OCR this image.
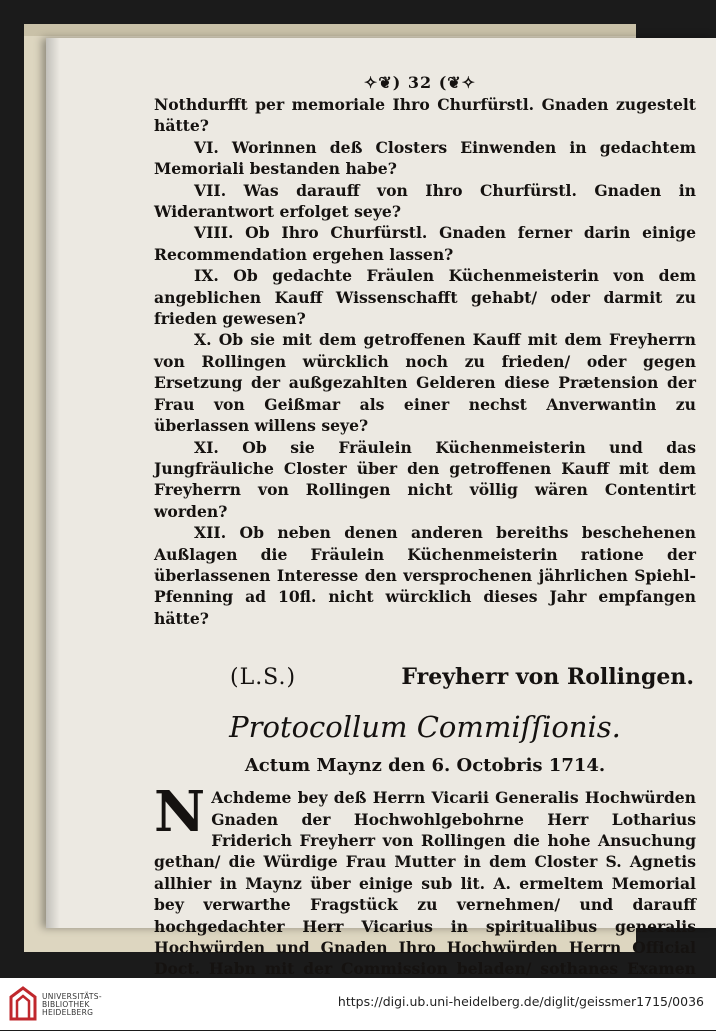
✧❦) 32 (❦✧
Nothdurfft per memoriale Ihro Churfürstl. Gnaden zugestelt hätte?
VI. Worinnen deß Closters Einwenden in gedachtem Memoriali bestanden habe?
VII. Was darauff von Ihro Churfürstl. Gnaden in Widerantwort erfolget seye?
VIII. Ob Ihro Churfürstl. Gnaden ferner darin einige Recommendation ergehen lassen?
IX. Ob gedachte Fräulen Küchenmeisterin von dem angeblichen Kauff Wissenschafft gehabt/ oder darmit zu frieden gewesen?
X. Ob sie mit dem getroffenen Kauff mit dem Freyherrn von Rollingen würcklich noch zu frieden/ oder gegen Ersetzung der außgezahlten Gelderen diese Prætension der Frau von Geißmar als einer nechst Anverwantin zu überlassen willens seye?
XI. Ob sie Fräulein Küchenmeisterin und das Jungfräuliche Closter über den getroffenen Kauff mit dem Freyherrn von Rollingen nicht völlig wären Contentirt worden?
XII. Ob neben denen anderen bereiths beschehenen Außlagen die Fräulein Küchenmeisterin ratione der überlassenen Interesse den versprochenen jährlichen Spiehl-Pfenning ad 10fl. nicht würcklich dieses Jahr empfangen hätte?
(L.S.)	Freyherr von Rollingen.
Protocollum Commiſſionis.
Actum Maynz den 6. Octobris 1714.
N Achdeme bey deß Herrn Vicarii Generalis Hochwürden Gnaden der Hochwohlgebohrne Herr Lotharius Friderich Freyherr von Rollingen die hohe Ansuchung gethan/ die Würdige Frau Mutter in dem Closter S. Agnetis allhier in Maynz über einige sub lit. A. ermeltem Memorial bey verwarthe Fragstück zu vernehmen/ und darauff hochgedachter Herr Vicarius in spiritualibus generalis Hochwürden und Gnaden Ihro Hochwürden Herrn Official Doct. Habn mit der Commission beladen/ sothanes Examen
UNIVERSITÄTS-
BIBLIOTHEK
HEIDELBERG
https://digi.ub.uni-heidelberg.de/diglit/geissmer1715/0036
